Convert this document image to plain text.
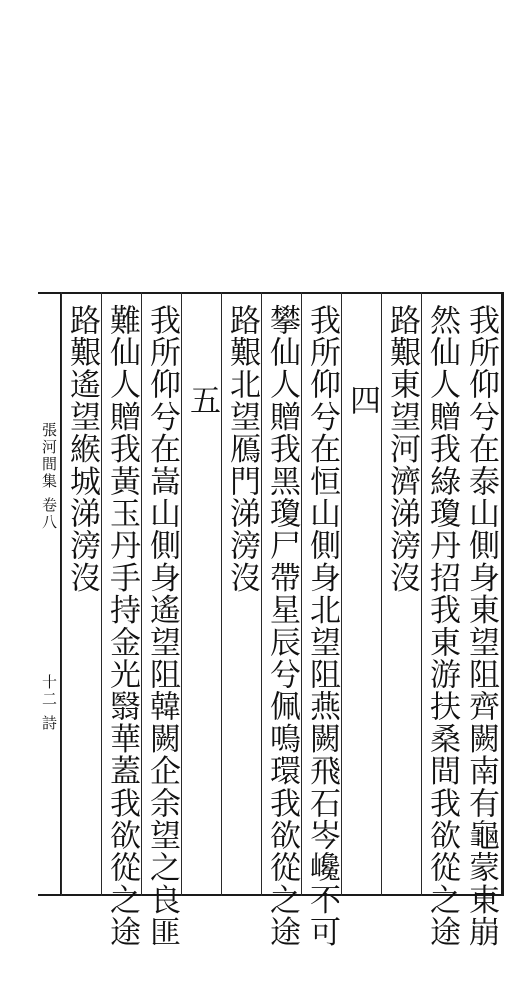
張河間集 卷八
十二 詩	我所仰兮在泰山側身東望阻齊闕南有龜蒙東崩
然仙人贈我綠瓊丹招我東游扶桑間我欲從之途
路艱東望河濟涕滂沒
四
我所仰兮在恒山側身北望阻燕闕飛石岑巉不可
攀仙人贈我黑瓊尸帶星辰兮佩鳴環我欲從之途
路艱北望鴈門涕滂沒
五
我所仰兮在嵩山側身遙望阻韓闕企余望之良匪
難仙人贈我黃玉丹手持金光翳華蓋我欲從之途
路艱遙望緱城涕滂沒
